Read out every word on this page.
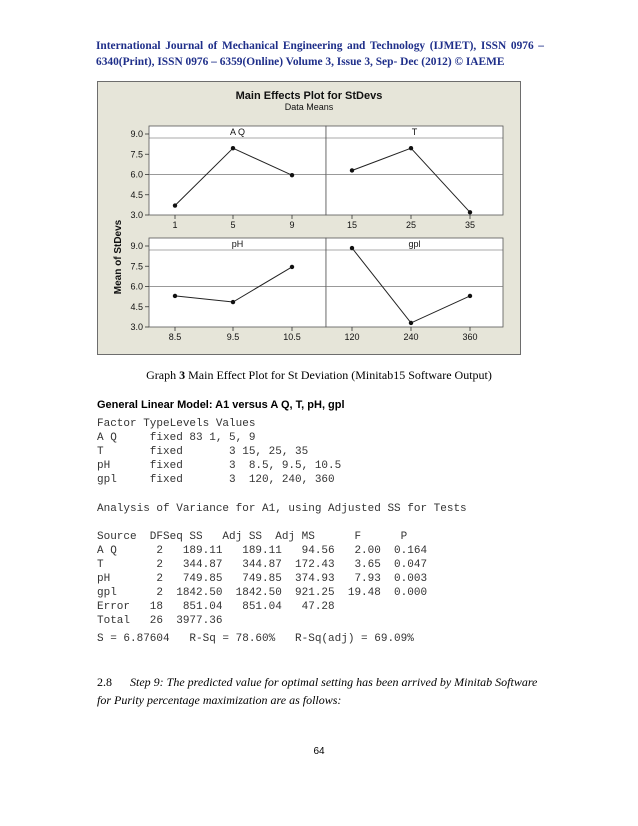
International Journal of Mechanical Engineering and Technology (IJMET), ISSN 0976 –
6340(Print), ISSN 0976 – 6359(Online) Volume 3, Issue 3, Sep- Dec (2012) © IAEME
Main Effects Plot for StDevs
Data Means
Mean of StDevs
A Q
9.0
7.5
6.0
4.5
3.0
1	5	9
T
15	25	35
pH
9.0
7.5
6.0
4.5
3.0
8.5	9.5	10.5
gpl
120	240	360
Graph 3 Main Effect Plot for St Deviation (Minitab15 Software Output)
General Linear Model: A1 versus A Q, T, pH, gpl
Factor TypeLevels Values
A Q     fixed 83 1, 5, 9
T       fixed       3 15, 25, 35
pH      fixed       3  8.5, 9.5, 10.5
gpl     fixed       3  120, 240, 360
Analysis of Variance for A1, using Adjusted SS for Tests

Source  DFSeq SS   Adj SS  Adj MS      F      P
A Q      2   189.11   189.11   94.56   2.00  0.164
T        2   344.87   344.87  172.43   3.65  0.047
pH       2   749.85   749.85  374.93   7.93  0.003
gpl      2  1842.50  1842.50  921.25  19.48  0.000
Error   18   851.04   851.04   47.28
Total   26  3977.36
S = 6.87604   R-Sq = 78.60%   R-Sq(adj) = 69.09%
2.8 Step 9: The predicted value for optimal setting has been arrived by Minitab Software for Purity percentage maximization are as follows:
64
